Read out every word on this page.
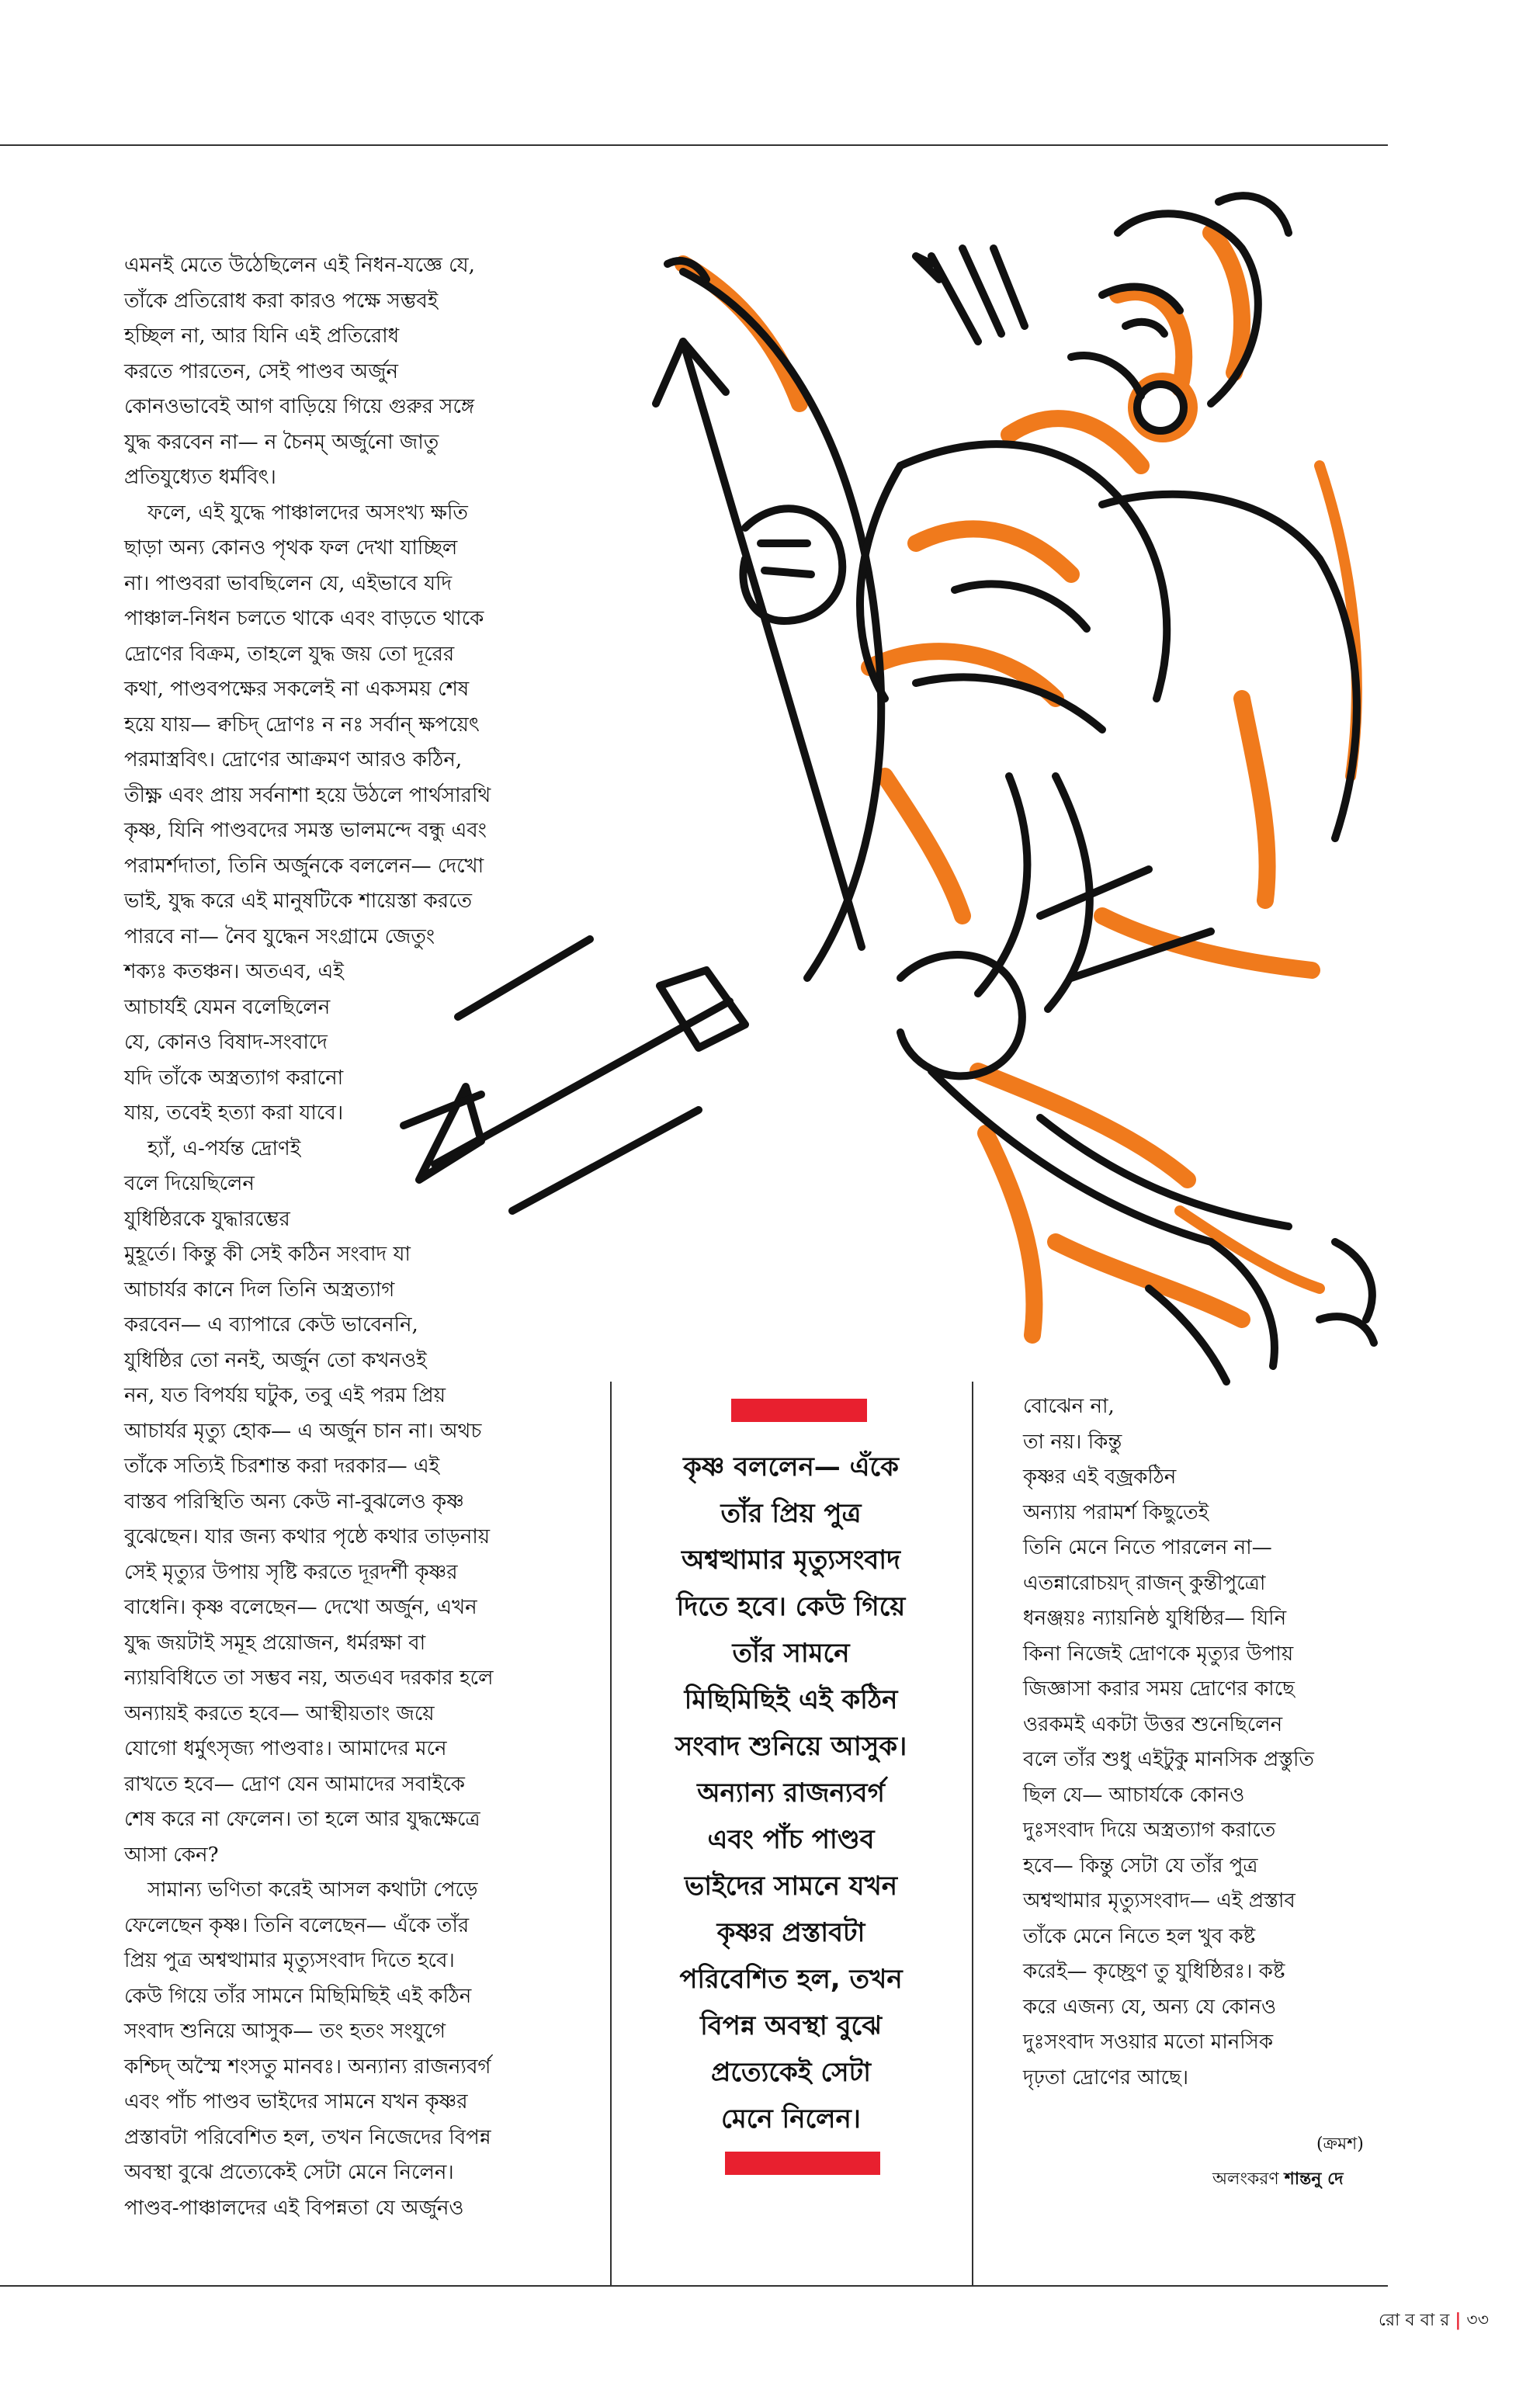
এমনই মেতে উঠেছিলেন এই নিধন-যজ্ঞে যে,

তাঁকে প্রতিরোধ করা কারও পক্ষে সম্ভবই

হচ্ছিল না, আর যিনি এই প্রতিরোধ

করতে পারতেন, সেই পাণ্ডব অর্জুন

কোনওভাবেই আগ বাড়িয়ে গিয়ে গুরুর সঙ্গে

যুদ্ধ করবেন না— ন চৈনম্ অর্জুনো জাতু

প্রতিযুধ্যেত ধর্মবিৎ।

ফলে, এই যুদ্ধে পাঞ্চালদের অসংখ্য ক্ষতি

ছাড়া অন্য কোনও পৃথক ফল দেখা যাচ্ছিল

না। পাণ্ডবরা ভাবছিলেন যে, এইভাবে যদি

পাঞ্চাল-নিধন চলতে থাকে এবং বাড়তে থাকে

দ্রোণের বিক্রম, তাহলে যুদ্ধ জয় তো দূরের

কথা, পাণ্ডবপক্ষের সকলেই না একসময় শেষ

হয়ে যায়— ক্বচিদ্ দ্রোণঃ ন নঃ সর্বান্ ক্ষপয়েৎ

পরমাস্ত্রবিৎ। দ্রোণের আক্রমণ আরও কঠিন,

তীক্ষ্ণ এবং প্রায় সর্বনাশা হয়ে উঠলে পার্থসারথি

কৃষ্ণ, যিনি পাণ্ডবদের সমস্ত ভালমন্দে বন্ধু এবং

পরামর্শদাতা, তিনি অর্জুনকে বললেন— দেখো

ভাই, যুদ্ধ করে এই মানুষটিকে শায়েস্তা করতে

পারবে না— নৈব যুদ্ধেন সংগ্রামে জেতুং

শক্যঃ কতঞ্চন। অতএব, এই

আচার্যই যেমন বলেছিলেন

যে, কোনও বিষাদ-সংবাদে

যদি তাঁকে অস্ত্রত্যাগ করানো

যায়, তবেই হত্যা করা যাবে।

হ্যাঁ, এ-পর্যন্ত দ্রোণই

বলে দিয়েছিলেন

যুধিষ্ঠিরকে যুদ্ধারম্ভের

মুহূর্তে। কিন্তু কী সেই কঠিন সংবাদ যা

আচার্যর কানে দিল তিনি অস্ত্রত্যাগ

করবেন— এ ব্যাপারে কেউ ভাবেননি,

যুধিষ্ঠির তো ননই, অর্জুন তো কখনওই

নন, যত বিপর্যয় ঘটুক, তবু এই পরম প্রিয়

আচার্যর মৃত্যু হোক— এ অর্জুন চান না। অথচ

তাঁকে সত্যিই চিরশান্ত করা দরকার— এই

বাস্তব পরিস্থিতি অন্য কেউ না-বুঝলেও কৃষ্ণ

বুঝেছেন। যার জন্য কথার পৃষ্ঠে কথার তাড়নায়

সেই মৃত্যুর উপায় সৃষ্টি করতে দূরদর্শী কৃষ্ণর

বাধেনি। কৃষ্ণ বলেছেন— দেখো অর্জুন, এখন

যুদ্ধ জয়টাই সমূহ প্রয়োজন, ধর্মরক্ষা বা

ন্যায়বিধিতে তা সম্ভব নয়, অতএব দরকার হলে

অন্যায়ই করতে হবে— আস্থীয়তাং জয়ে

যোগো ধর্মুৎসৃজ্য পাণ্ডবাঃ। আমাদের মনে

রাখতে হবে— দ্রোণ যেন আমাদের সবাইকে

শেষ করে না ফেলেন। তা হলে আর যুদ্ধক্ষেত্রে

আসা কেন?

সামান্য ভণিতা করেই আসল কথাটা পেড়ে

ফেলেছেন কৃষ্ণ। তিনি বলেছেন— এঁকে তাঁর

প্রিয় পুত্র অশ্বত্থামার মৃত্যুসংবাদ দিতে হবে।

কেউ গিয়ে তাঁর সামনে মিছিমিছিই এই কঠিন

সংবাদ শুনিয়ে আসুক— তং হতং সংযুগে

কশ্চিদ্ অস্মৈ শংসতু মানবঃ। অন্যান্য রাজন্যবর্গ

এবং পাঁচ পাণ্ডব ভাইদের সামনে যখন কৃষ্ণর

প্রস্তাবটা পরিবেশিত হল, তখন নিজেদের বিপন্ন

অবস্থা বুঝে প্রত্যেকেই সেটা মেনে নিলেন।

পাণ্ডব-পাঞ্চালদের এই বিপন্নতা যে অর্জুনও

কৃষ্ণ বললেন— এঁকে

তাঁর প্রিয় পুত্র

অশ্বত্থামার মৃত্যুসংবাদ

দিতে হবে। কেউ গিয়ে

তাঁর সামনে

মিছিমিছিই এই কঠিন

সংবাদ শুনিয়ে আসুক।

অন্যান্য রাজন্যবর্গ

এবং পাঁচ পাণ্ডব

ভাইদের সামনে যখন

কৃষ্ণর প্রস্তাবটা

পরিবেশিত হল, তখন

বিপন্ন অবস্থা বুঝে

প্রত্যেকেই সেটা

মেনে নিলেন।

বোঝেন না,

তা নয়। কিন্তু

কৃষ্ণর এই বজ্রকঠিন

অন্যায় পরামর্শ কিছুতেই

তিনি মেনে নিতে পারলেন না—

এতন্নারোচয়দ্ রাজন্ কুন্তীপুত্রো

ধনঞ্জয়ঃ ন্যায়নিষ্ঠ যুধিষ্ঠির— যিনি

কিনা নিজেই দ্রোণকে মৃত্যুর উপায়

জিজ্ঞাসা করার সময় দ্রোণের কাছে

ওরকমই একটা উত্তর শুনেছিলেন

বলে তাঁর শুধু এইটুকু মানসিক প্রস্তুতি

ছিল যে— আচার্যকে কোনও

দুঃসংবাদ দিয়ে অস্ত্রত্যাগ করাতে

হবে— কিন্তু সেটা যে তাঁর পুত্র

অশ্বত্থামার মৃত্যুসংবাদ— এই প্রস্তাব

তাঁকে মেনে নিতে হল খুব কষ্ট

করেই— কৃচ্ছ্রেণ তু যুধিষ্ঠিরঃ। কষ্ট

করে এজন্য যে, অন্য যে কোনও

দুঃসংবাদ সওয়ার মতো মানসিক

দৃঢ়তা দ্রোণের আছে।

(ক্রমশ)
অলংকরণ শান্তনু দে
রো ব বা র | ৩৩
